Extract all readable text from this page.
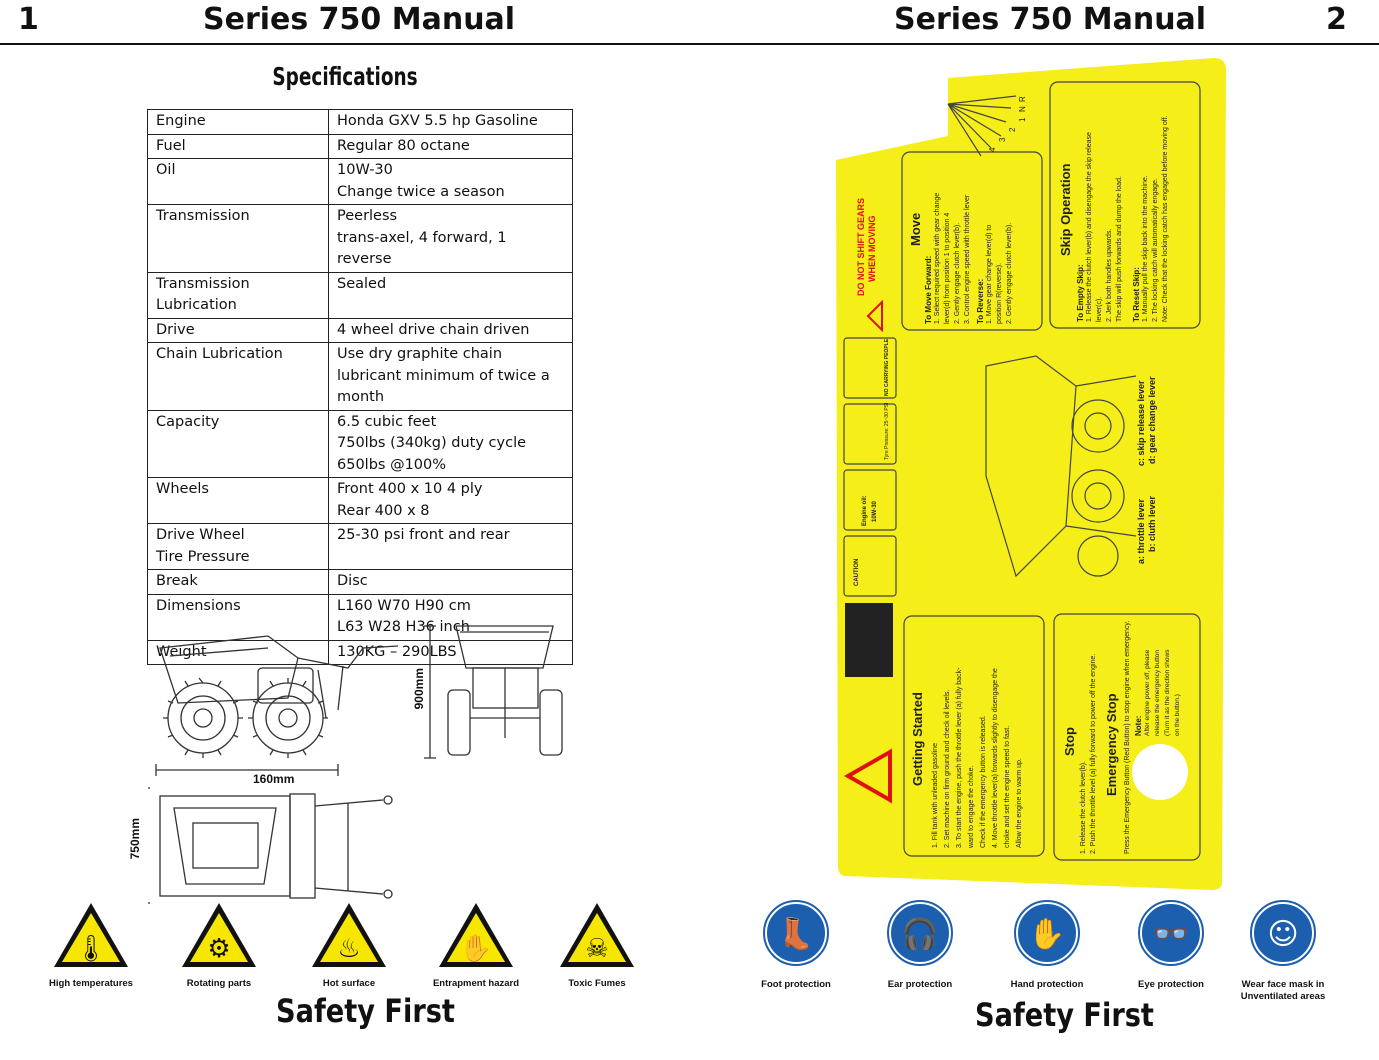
1	Series 750 Manual	Series 750 Manual	2
Specifications
Engine	Honda GXV 5.5 hp Gasoline

Fuel	Regular 80 octane

Oil	10W-30
Change twice a season

Transmission	Peerless
trans-axel, 4 forward, 1 reverse

Transmission
Lubrication	Sealed

Drive	4 wheel drive chain driven

Chain Lubrication	Use dry graphite chain
lubricant minimum of twice a
month

Capacity	6.5 cubic feet
750lbs (340kg) duty cycle
650lbs @100%

Wheels	Front 400 x 10 4 ply
Rear 400 x 8

Drive Wheel
Tire Pressure	25-30 psi front and rear

Break	Disc

Dimensions	L160 W70 H90 cm
L63 W28 H36 inch

Weight	130KG – 290LBS
160mm
900mm
750mm
🌡
High temperatures
⚙
Rotating parts
♨
Hot surface
✋
Entrapment hazard
☠
Toxic Fumes
Safety First
DO NOT SHIFT GEARS WHEN MOVING Move
To Move Forward: 1. Select required speed with gear change lever(d) from position 1 to position 4 2. Gently engage clutch lever(b). 3. Control engine speed with throttle lever To Reverse: 1. Move gear change lever(d) to position R(reverse). 2. Gently engage clutch lever(b).
R
N
1
2
3
4
Skip Operation
To Empty Skip: 1. Release the clutch lever(b) and disengage the skip release lever(c). 2. Jerk both handles upwards. The skip will push forwards and dump the load. To Reset Skip: 1. Manually pull the skip back into the machine. 2. The locking catch will automatically engage. Note: Check that the locking catch has engaged before moving off.
a: throttle lever b: cluth lever
c: skip release lever d: gear change lever
Getting Started
1. Fill tank with unleaded gasoline 2. Set machine on firm ground and check oil levels. 3. To start the engine, push the throttle lever (a) fully back- ward to engage the choke. Check if the emergency button is released. 4. Move throttle lever(a) forwards slightly to disengage the choke and set the engine speed to fast. Allow the engine to warm up.
Stop
1. Release the clutch lever(b). 2. Push the throttle level (a) fully forward to power off the engine. Emergency Stop Press the Emergency Button (Red Button) to stop engine when emergency. Note: After engine power off, please release the emergency button (Turn it as the direction shows on the button.)
NO CARRYING PEOPLE
Tyre Pressure: 25~30 PSI
Engine oil: 10W-30
CAUTION
👢
Foot protection
🎧
Ear protection
✋
Hand protection
👓
Eye protection
☺
Wear face mask in Unventilated areas
Safety First
